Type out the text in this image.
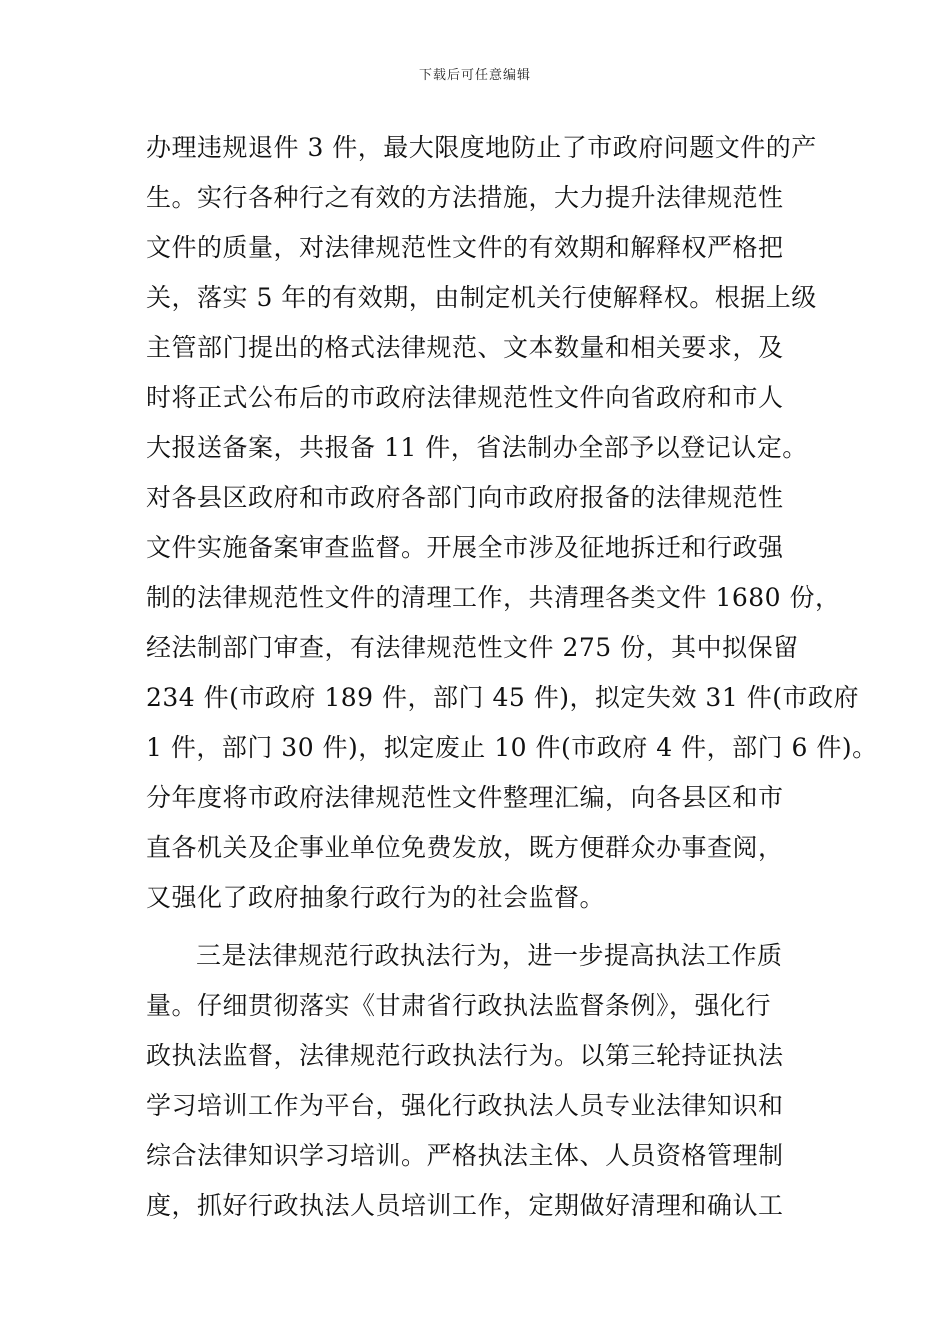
下载后可任意编辑
办理违规退件 3 件，最大限度地防止了市政府问题文件的产
生。实行各种行之有效的方法措施，大力提升法律规范性
文件的质量，对法律规范性文件的有效期和解释权严格把
关，落实 5 年的有效期，由制定机关行使解释权。根据上级
主管部门提出的格式法律规范、文本数量和相关要求，及
时将正式公布后的市政府法律规范性文件向省政府和市人
大报送备案，共报备 11 件，省法制办全部予以登记认定。
对各县区政府和市政府各部门向市政府报备的法律规范性
文件实施备案审查监督。开展全市涉及征地拆迁和行政强
制的法律规范性文件的清理工作，共清理各类文件 1680 份，
经法制部门审查，有法律规范性文件 275 份，其中拟保留
234 件(市政府 189 件，部门 45 件)，拟定失效 31 件(市政府
1 件，部门 30 件)，拟定废止 10 件(市政府 4 件，部门 6 件)。
分年度将市政府法律规范性文件整理汇编，向各县区和市
直各机关及企事业单位免费发放，既方便群众办事查阅，
又强化了政府抽象行政行为的社会监督。
三是法律规范行政执法行为，进一步提高执法工作质
量。仔细贯彻落实《甘肃省行政执法监督条例》，强化行
政执法监督，法律规范行政执法行为。以第三轮持证执法
学习培训工作为平台，强化行政执法人员专业法律知识和
综合法律知识学习培训。严格执法主体、人员资格管理制
度，抓好行政执法人员培训工作，定期做好清理和确认工
